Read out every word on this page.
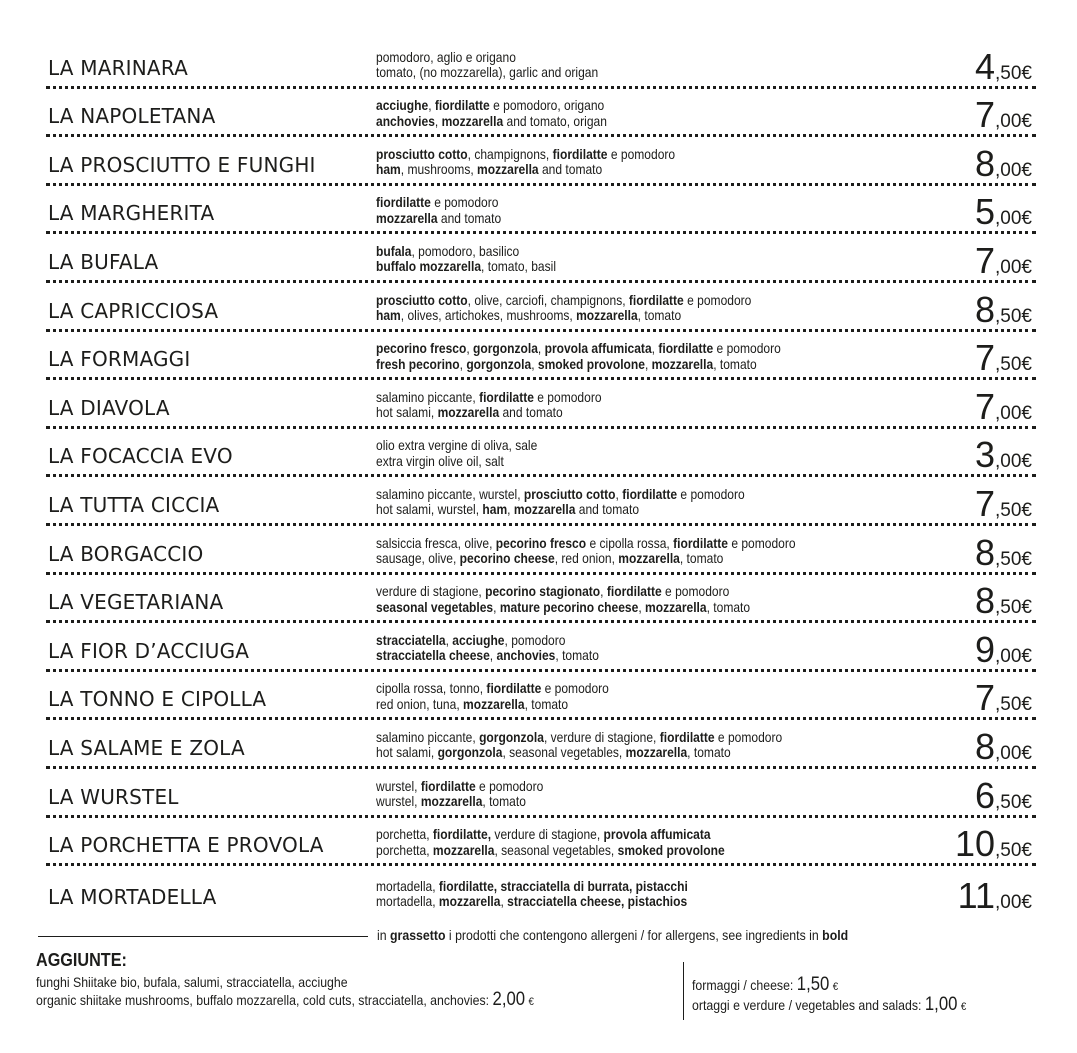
LA MARINARA	pomodoro, aglio e origano
tomato, (no mozzarella), garlic and origan	4,50€
LA NAPOLETANA	acciughe, fiordilatte e pomodoro, origano
anchovies, mozzarella and tomato, origan	7,00€
LA PROSCIUTTO E FUNGHI	prosciutto cotto, champignons, fiordilatte e pomodoro
ham, mushrooms, mozzarella and tomato	8,00€
LA MARGHERITA	fiordilatte e pomodoro
mozzarella and tomato	5,00€
LA BUFALA	bufala, pomodoro, basilico
buffalo mozzarella, tomato, basil	7,00€
LA CAPRICCIOSA	prosciutto cotto, olive, carciofi, champignons, fiordilatte e pomodoro
ham, olives, artichokes, mushrooms, mozzarella, tomato	8,50€
LA FORMAGGI	pecorino fresco, gorgonzola, provola affumicata, fiordilatte e pomodoro
fresh pecorino, gorgonzola, smoked provolone, mozzarella, tomato	7,50€
LA DIAVOLA	salamino piccante, fiordilatte e pomodoro
hot salami, mozzarella and tomato	7,00€
LA FOCACCIA EVO	olio extra vergine di oliva, sale
extra virgin olive oil, salt	3,00€
LA TUTTA CICCIA	salamino piccante, wurstel, prosciutto cotto, fiordilatte e pomodoro
hot salami, wurstel, ham, mozzarella and tomato	7,50€
LA BORGACCIO	salsiccia fresca, olive, pecorino fresco e cipolla rossa, fiordilatte e pomodoro
sausage, olive, pecorino cheese, red onion, mozzarella, tomato	8,50€
LA VEGETARIANA	verdure di stagione, pecorino stagionato, fiordilatte e pomodoro
seasonal vegetables, mature pecorino cheese, mozzarella, tomato	8,50€
LA FIOR D’ACCIUGA	stracciatella, acciughe, pomodoro
stracciatella cheese, anchovies, tomato	9,00€
LA TONNO E CIPOLLA	cipolla rossa, tonno, fiordilatte e pomodoro
red onion, tuna, mozzarella, tomato	7,50€
LA SALAME E ZOLA	salamino piccante, gorgonzola, verdure di stagione, fiordilatte e pomodoro
hot salami, gorgonzola, seasonal vegetables, mozzarella, tomato	8,00€
LA WURSTEL	wurstel, fiordilatte e pomodoro
wurstel, mozzarella, tomato	6,50€
LA PORCHETTA E PROVOLA	porchetta, fiordilatte, verdure di stagione, provola affumicata
porchetta, mozzarella, seasonal vegetables, smoked provolone	10,50€
LA MORTADELLA	mortadella, fiordilatte, stracciatella di burrata, pistacchi
mortadella, mozzarella, stracciatella cheese, pistachios	11,00€
in grassetto i prodotti che contengono allergeni / for allergens, see ingredients in bold
AGGIUNTE:
funghi Shiitake bio, bufala, salumi, stracciatella, acciughe
organic shiitake mushrooms, buffalo mozzarella, cold cuts, stracciatella, anchovies: 2,00 €
formaggi / cheese: 1,50 €
ortaggi e verdure / vegetables and salads: 1,00 €
